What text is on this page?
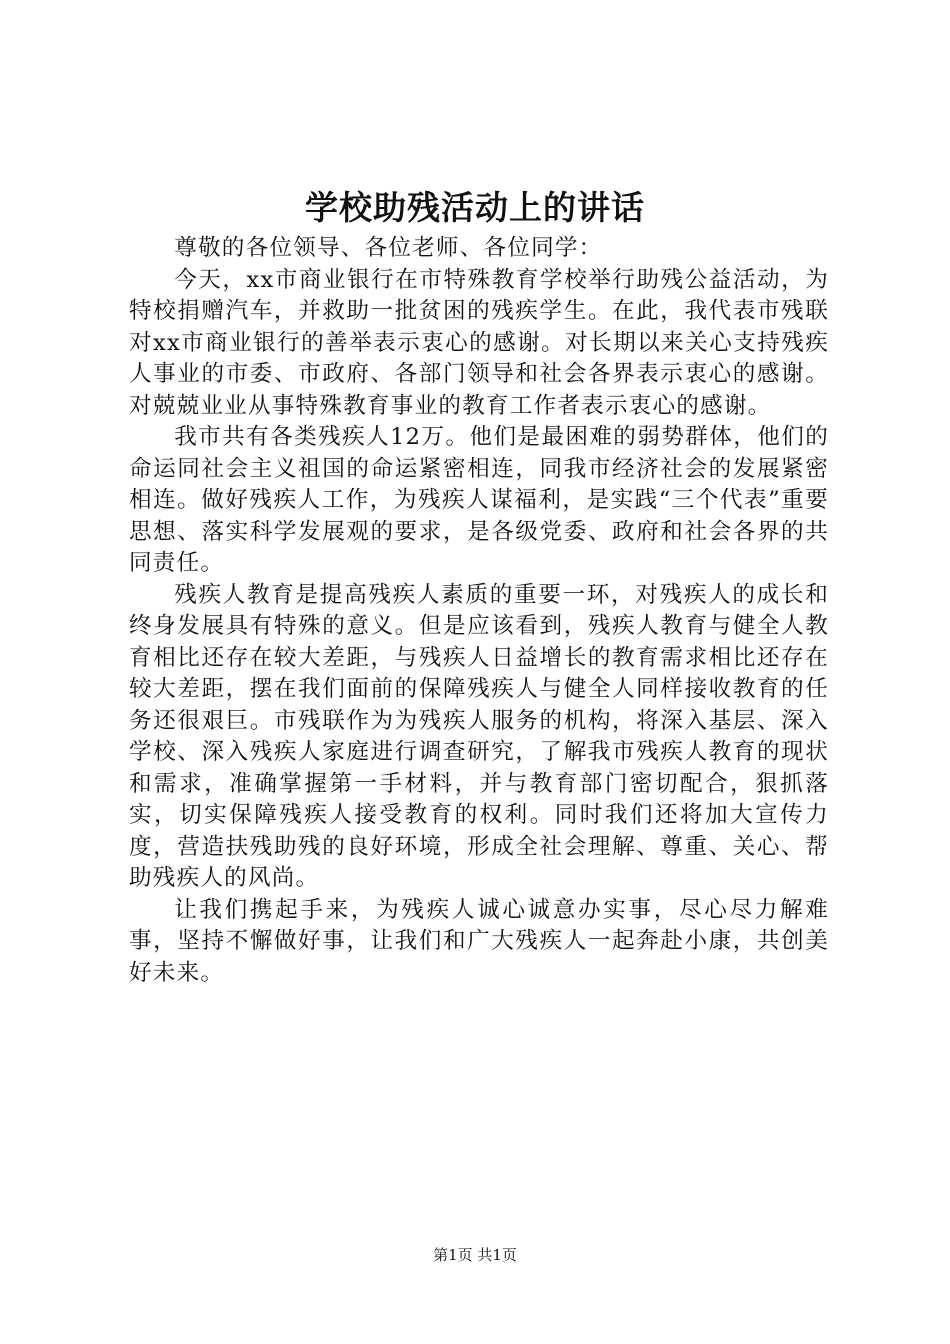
学校助残活动上的讲话

尊敬的各位领导、各位老师、各位同学：

今天，xx市商业银行在市特殊教育学校举行助残公益活动，为特校捐赠汽车，并救助一批贫困的残疾学生。在此，我代表市残联对xx市商业银行的善举表示衷心的感谢。对长期以来关心支持残疾人事业的市委、市政府、各部门领导和社会各界表示衷心的感谢。对兢兢业业从事特殊教育事业的教育工作者表示衷心的感谢。

我市共有各类残疾人12万。他们是最困难的弱势群体，他们的命运同社会主义祖国的命运紧密相连，同我市经济社会的发展紧密相连。做好残疾人工作，为残疾人谋福利，是实践“三个代表”重要思想、落实科学发展观的要求，是各级党委、政府和社会各界的共同责任。

残疾人教育是提高残疾人素质的重要一环，对残疾人的成长和终身发展具有特殊的意义。但是应该看到，残疾人教育与健全人教育相比还存在较大差距，与残疾人日益增长的教育需求相比还存在较大差距，摆在我们面前的保障残疾人与健全人同样接收教育的任务还很艰巨。市残联作为为残疾人服务的机构，将深入基层、深入学校、深入残疾人家庭进行调查研究，了解我市残疾人教育的现状和需求，准确掌握第一手材料，并与教育部门密切配合，狠抓落实，切实保障残疾人接受教育的权利。同时我们还将加大宣传力度，营造扶残助残的良好环境，形成全社会理解、尊重、关心、帮助残疾人的风尚。

让我们携起手来，为残疾人诚心诚意办实事，尽心尽力解难事，坚持不懈做好事，让我们和广大残疾人一起奔赴小康，共创美好未来。

第1页 共1页
